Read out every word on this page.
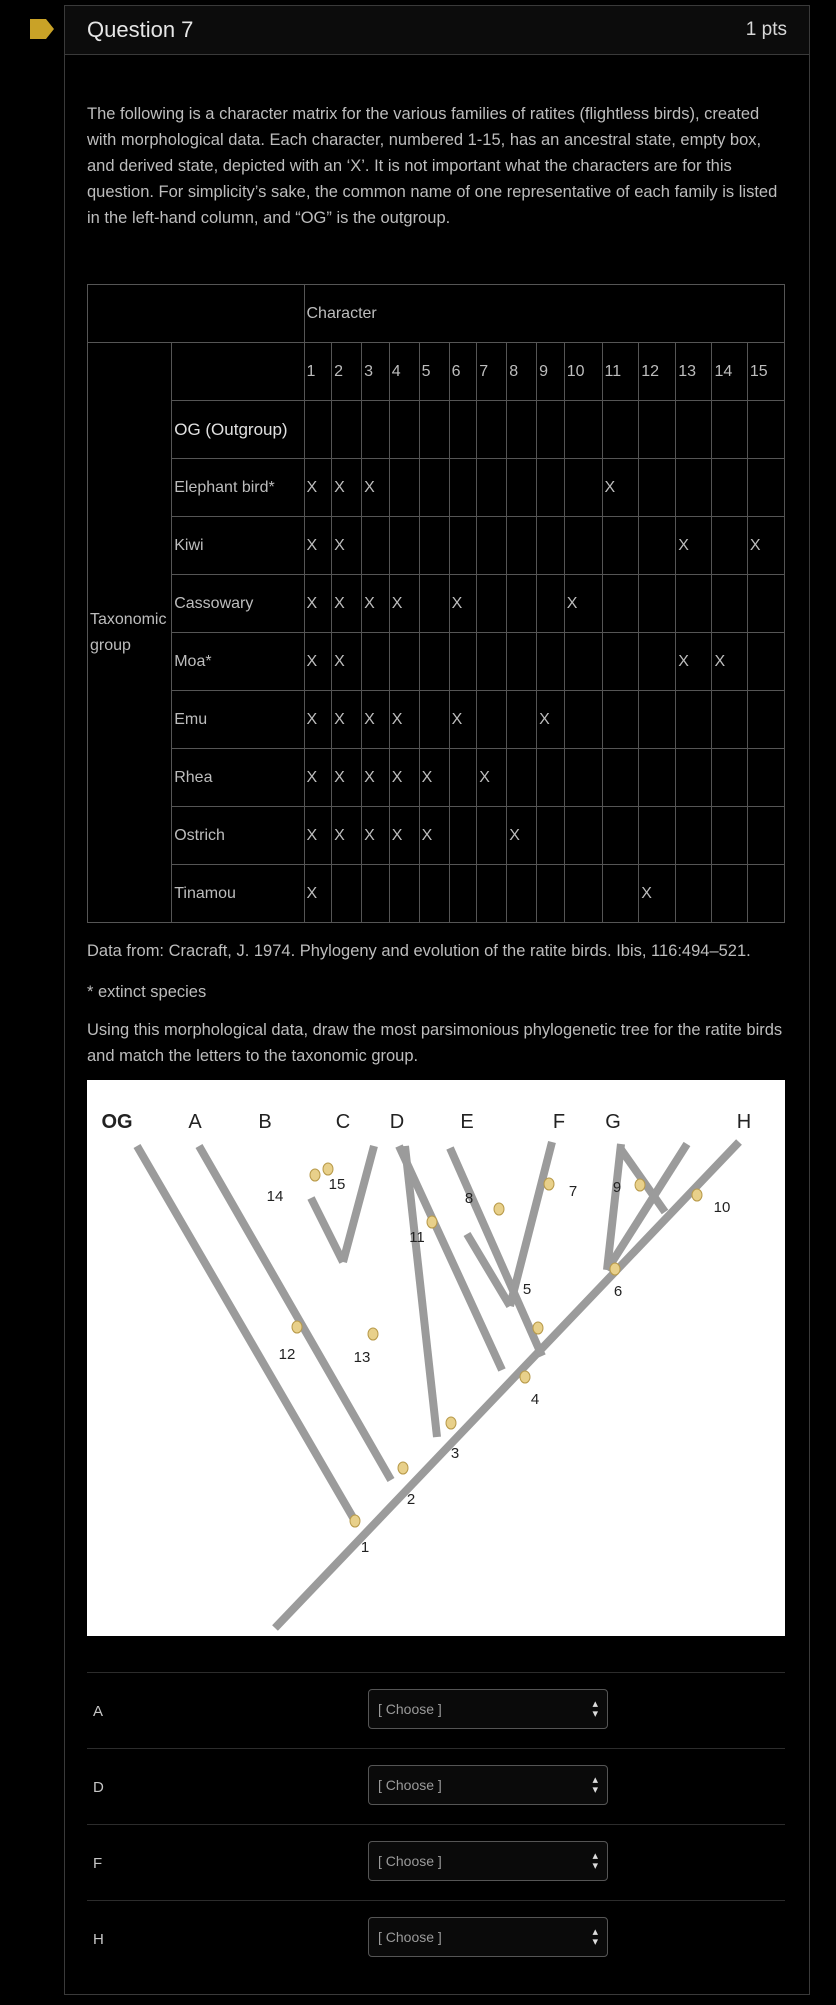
Question 7	1 pts

The following is a character matrix for the various families of ratites (flightless birds), created with morphological data. Each character, numbered 1-15, has an ancestral state, empty box, and derived state, depicted with an ‘X’. It is not important what the characters are for this question. For simplicity’s sake, the common name of one representative of each family is listed in the left-hand column, and “OG” is the outgroup.

		Character														
Taxonomic group		1	2	3	4	5	6	7	8	9	10	11	12	13	14	15
	OG (Outgroup)															
	Elephant bird*	X	X	X								X				
	Kiwi	X	X											X		X
	Cassowary	X	X	X	X		X				X					
	Moa*	X	X											X	X	
	Emu	X	X	X	X		X			X						
	Rhea	X	X	X	X	X		X								
	Ostrich	X	X	X	X	X			X							
	Tinamou	X											X			

Data from: Cracraft, J. 1974. Phylogeny and evolution of the ratite birds. Ibis, 116:494–521.

* extinct species

Using this morphological data, draw the most parsimonious phylogenetic tree for the ratite birds and match the letters to the taxonomic group.

OG	A	B	C D	E	F G	H
1
2
3
4
5	6
7
8
9
10
11
12	13
14
15
A	[ Choose ]	▴
▾
D	[ Choose ]	▴
▾
F	[ Choose ]	▴
▾
H	[ Choose ]	▴
▾
